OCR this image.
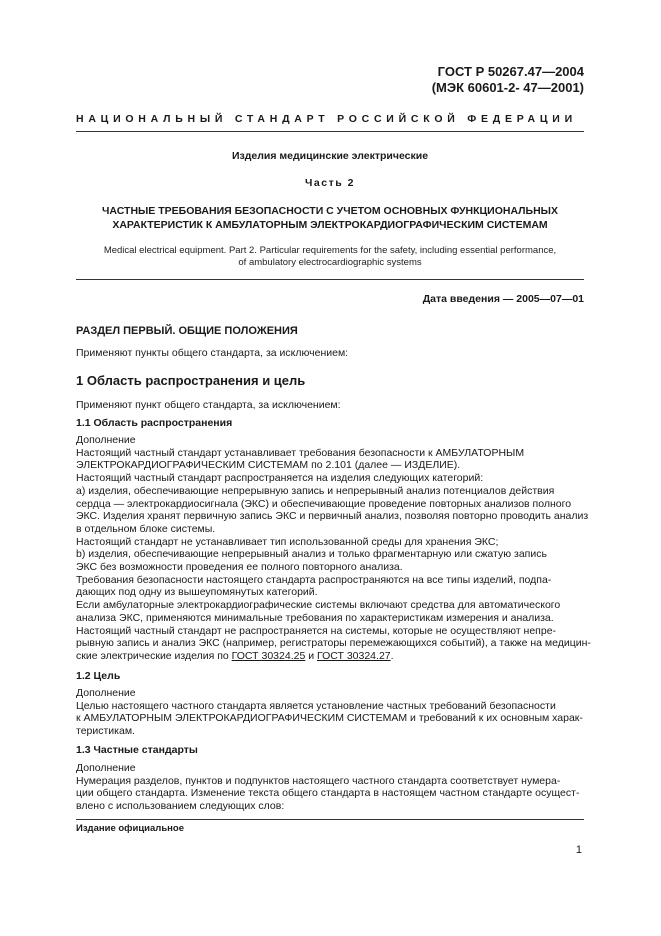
ГОСТ Р 50267.47—2004
(МЭК 60601-2- 47—2001)
НАЦИОНАЛЬНЫЙ СТАНДАРТ РОССИЙСКОЙ ФЕДЕРАЦИИ
Изделия медицинские электрические
Часть 2
ЧАСТНЫЕ ТРЕБОВАНИЯ БЕЗОПАСНОСТИ С УЧЕТОМ ОСНОВНЫХ ФУНКЦИОНАЛЬНЫХ
ХАРАКТЕРИСТИК К АМБУЛАТОРНЫМ ЭЛЕКТРОКАРДИОГРАФИЧЕСКИМ СИСТЕМАМ
Medical electrical equipment. Part 2. Particular requirements for the safety, including essential performance,
of ambulatory electrocardiographic systems
Дата введения — 2005—07—01
РАЗДЕЛ ПЕРВЫЙ. ОБЩИЕ ПОЛОЖЕНИЯ
Применяют пункты общего стандарта, за исключением:
1 Область распространения и цель
Применяют пункт общего стандарта, за исключением:
1.1 Область распространения

Дополнение

Настоящий частный стандарт устанавливает требования безопасности к АМБУЛАТОРНЫМ

ЭЛЕКТРОКАРДИОГРАФИЧЕСКИМ СИСТЕМАМ по 2.101 (далее — ИЗДЕЛИЕ).

Настоящий частный стандарт распространяется на изделия следующих категорий:

a) изделия, обеспечивающие непрерывную запись и непрерывный анализ потенциалов действия

сердца — электрокардиосигнала (ЭКС) и обеспечивающие проведение повторных анализов полного

ЭКС. Изделия хранят первичную запись ЭКС и первичный анализ, позволяя повторно проводить анализ

в отдельном блоке системы.

Настоящий стандарт не устанавливает тип использованной среды для хранения ЭКС;

b) изделия, обеспечивающие непрерывный анализ и только фрагментарную или сжатую запись

ЭКС без возможности проведения ее полного повторного анализа.

Требования безопасности настоящего стандарта распространяются на все типы изделий, подпа-

дающих под одну из вышеупомянутых категорий.

Если амбулаторные электрокардиографические системы включают средства для автоматического

анализа ЭКС, применяются минимальные требования по характеристикам измерения и анализа.

Настоящий частный стандарт не распространяется на системы, которые не осуществляют непре-

рывную запись и анализ ЭКС (например, регистраторы перемежающихся событий), а также на медицин-

ские электрические изделия по ГОСТ 30324.25 и ГОСТ 30324.27.

1.2 Цель

Дополнение

Целью настоящего частного стандарта является установление частных требований безопасности

к АМБУЛАТОРНЫМ ЭЛЕКТРОКАРДИОГРАФИЧЕСКИМ СИСТЕМАМ и требований к их основным харак-

теристикам.

1.3 Частные стандарты

Дополнение

Нумерация разделов, пунктов и подпунктов настоящего частного стандарта соответствует нумера-

ции общего стандарта. Изменение текста общего стандарта в настоящем частном стандарте осущест-

влено с использованием следующих слов:

Издание официальное
1
